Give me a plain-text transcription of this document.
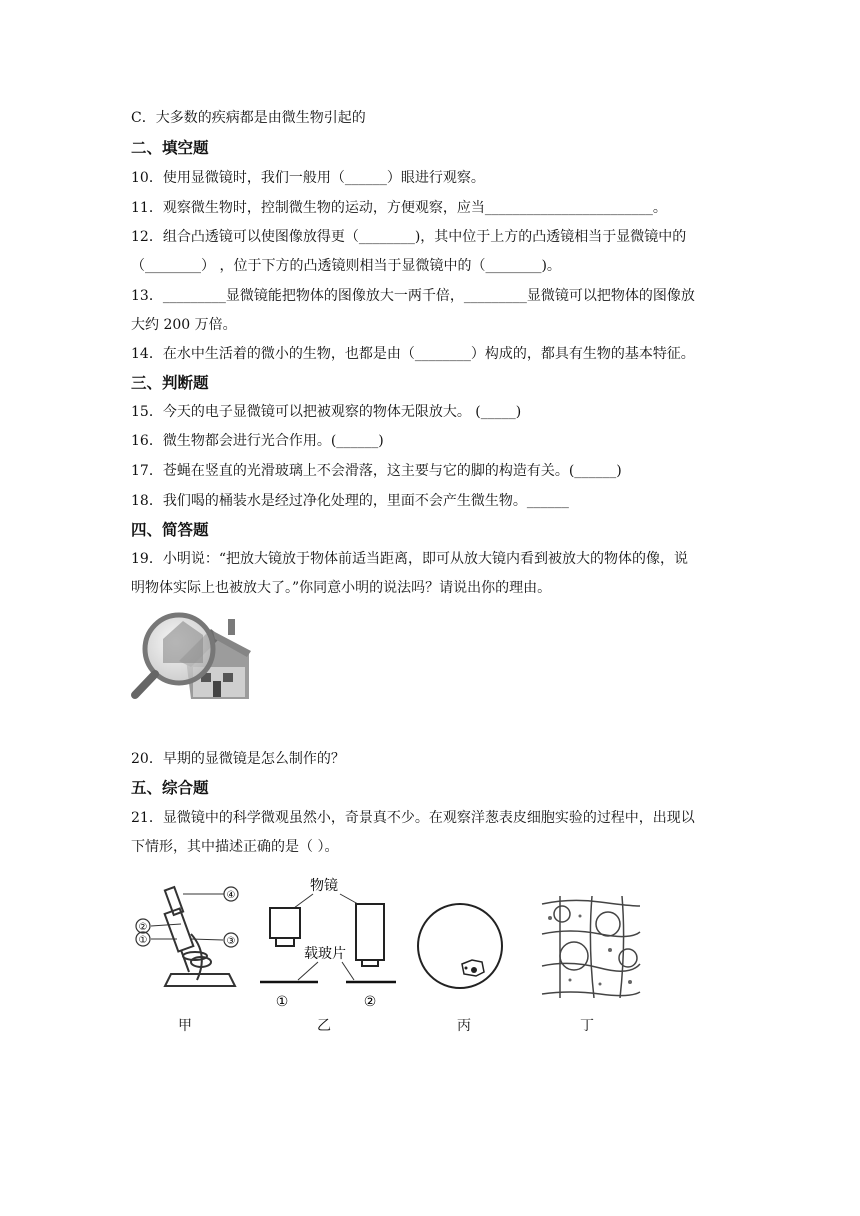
C．大多数的疾病都是由微生物引起的
二、填空题
10．使用显微镜时，我们一般用（______）眼进行观察。
11．观察微生物时，控制微生物的运动，方便观察，应当________________________。
12．组合凸透镜可以使图像放得更（________)，其中位于上方的凸透镜相当于显微镜中的
（________） ，位于下方的凸透镜则相当于显微镜中的（________)。
13．_________显微镜能把物体的图像放大一两千倍，_________显微镜可以把物体的图像放
大约 200 万倍。
14．在水中生活着的微小的生物，也都是由（________）构成的，都具有生物的基本特征。
三、判断题
15．今天的电子显微镜可以把被观察的物体无限放大。 (_____)
16．微生物都会进行光合作用。(______)
17．苍蝇在竖直的光滑玻璃上不会滑落，这主要与它的脚的构造有关。(______)
18．我们喝的桶装水是经过净化处理的，里面不会产生微生物。______
四、简答题
19．小明说：“把放大镜放于物体前适当距离，即可从放大镜内看到被放大的物体的像，说
明物体实际上也被放大了。”你同意小明的说法吗？请说出你的理由。
20．早期的显微镜是怎么制作的？
五、综合题
21．显微镜中的科学微观虽然小，奇景真不少。在观察洋葱表皮细胞实验的过程中，出现以
下情形，其中描述正确的是（ ）。
④
②
①	③
物镜
载玻片
①	②
甲	乙	丙	丁
